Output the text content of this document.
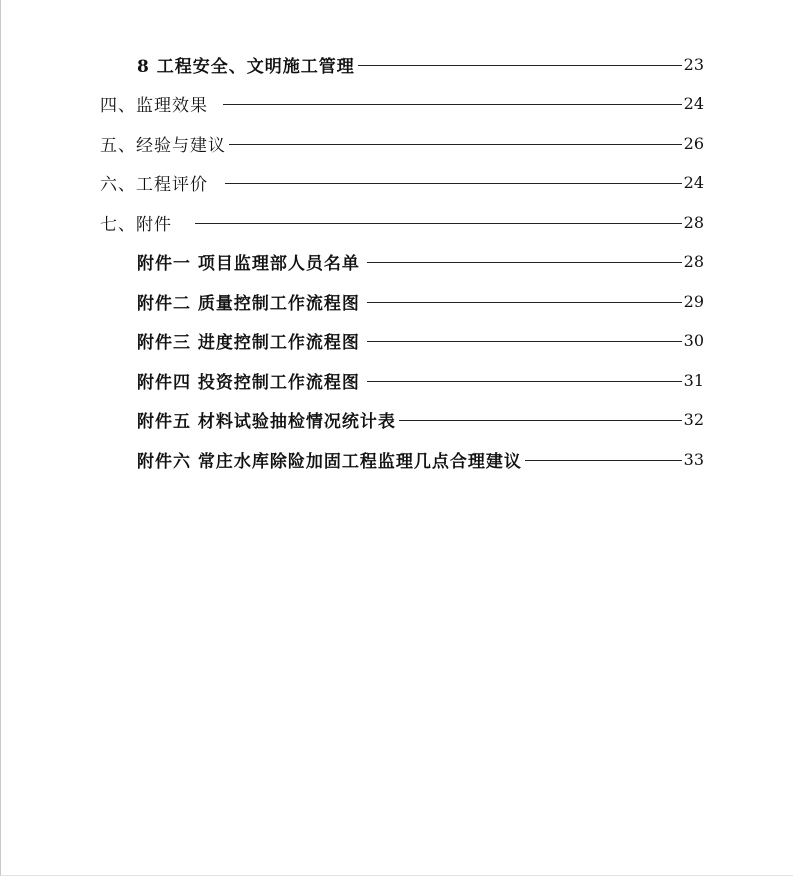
8 工程安全、文明施工管理	23
四、监理效果	24
五、经验与建议	26
六、工程评价	24
七、附件	28
附件一 项目监理部人员名单	28
附件二 质量控制工作流程图	29
附件三 进度控制工作流程图	30
附件四 投资控制工作流程图	31
附件五 材料试验抽检情况统计表	32
附件六 常庄水库除险加固工程监理几点合理建议	33
